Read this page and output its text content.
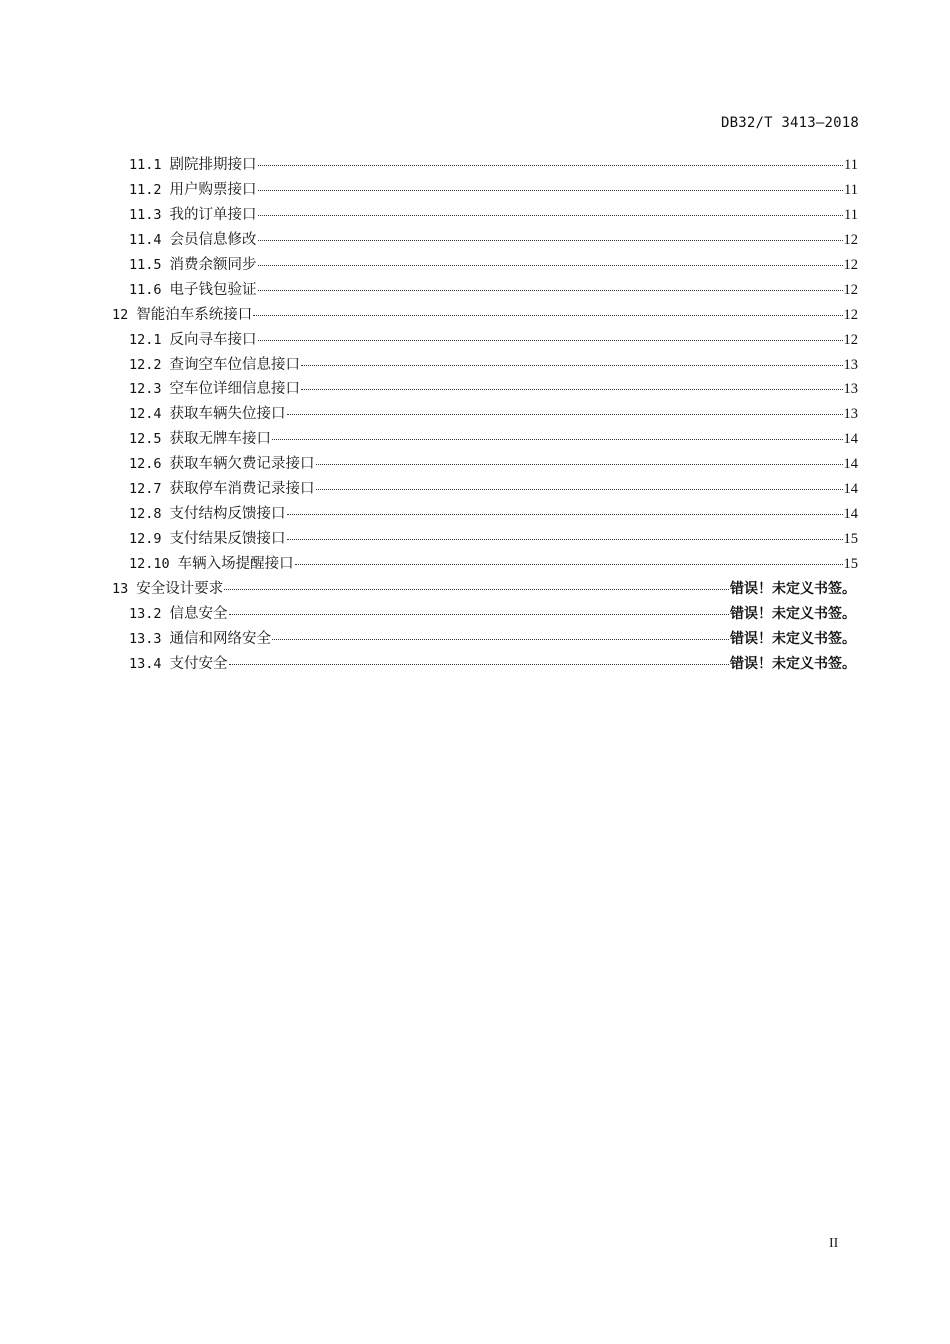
DB32/T 3413—2018
11.1 剧院排期接口	11
11.2 用户购票接口	11
11.3 我的订单接口	11
11.4 会员信息修改	12
11.5 消费余额同步	12
11.6 电子钱包验证	12
12 智能泊车系统接口	12
12.1 反向寻车接口	12
12.2 查询空车位信息接口	13
12.3 空车位详细信息接口	13
12.4 获取车辆失位接口	13
12.5 获取无牌车接口	14
12.6 获取车辆欠费记录接口	14
12.7 获取停车消费记录接口	14
12.8 支付结构反馈接口	14
12.9 支付结果反馈接口	15
12.10 车辆入场提醒接口	15
13 安全设计要求	错误！未定义书签。
13.2 信息安全	错误！未定义书签。
13.3 通信和网络安全	错误！未定义书签。
13.4 支付安全	错误！未定义书签。
II
